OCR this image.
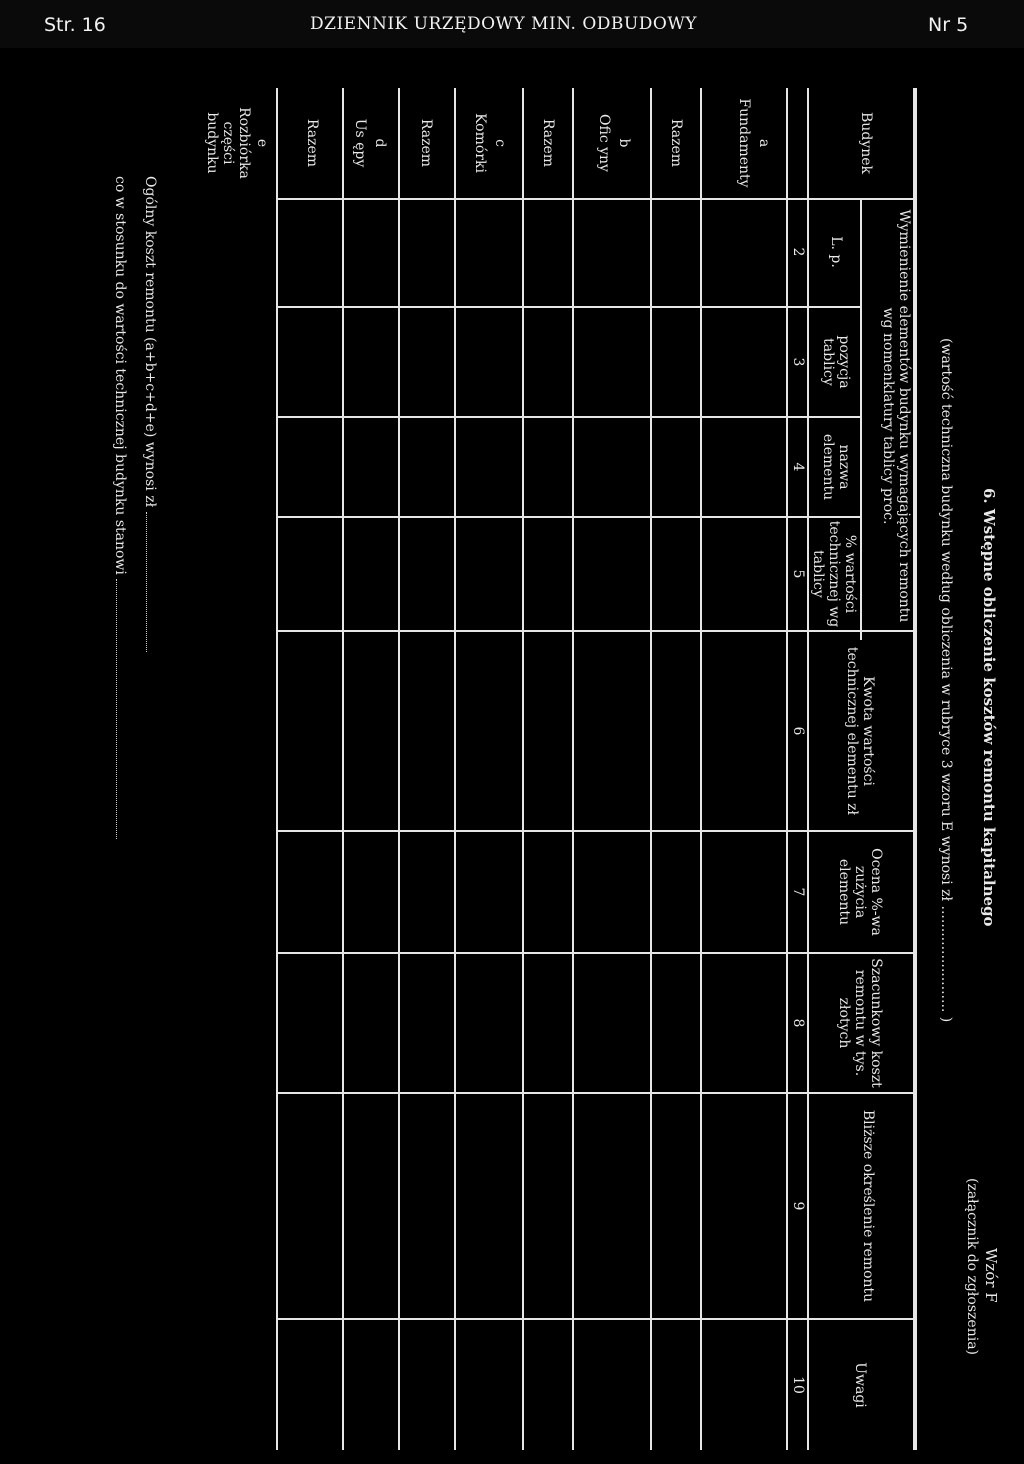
Str. 16	DZIENNIK URZĘDOWY MIN. ODBUDOWY	Nr 5
Wzór F
(załącznik do zgłoszenia)
6. Wstępne obliczenie kosztów remontu kapitalnego
(wartość techniczna budynku według obliczenia w rubryce 3 wzoru E wynosi zł ........................ )
Budynek
Wymienienie elementów budynku wymagających remontu wg nomenklatury tablicy proc.
L. p.
pozycja tablicy
nazwa elementu
% wartości technicznej wg tablicy
Kwota wartości technicznej elementu zł
Ocena %-wa zużycia elementu
Szacunkowy koszt remontu w tys. złotych
Bliższe określenie remontu
Uwagi
2
3
4
5
6
7
8
9
10
a
Fundamenty
Razem
b
Ofic yny
Razem
c
Komórki
Razem
d
Us ępy
Razem
e
Rozbiórka części budynku
Ogólny koszt remontu (a+b+c+d+e) wynosi zł
co w stosunku do wartości technicznej budynku stanowi
